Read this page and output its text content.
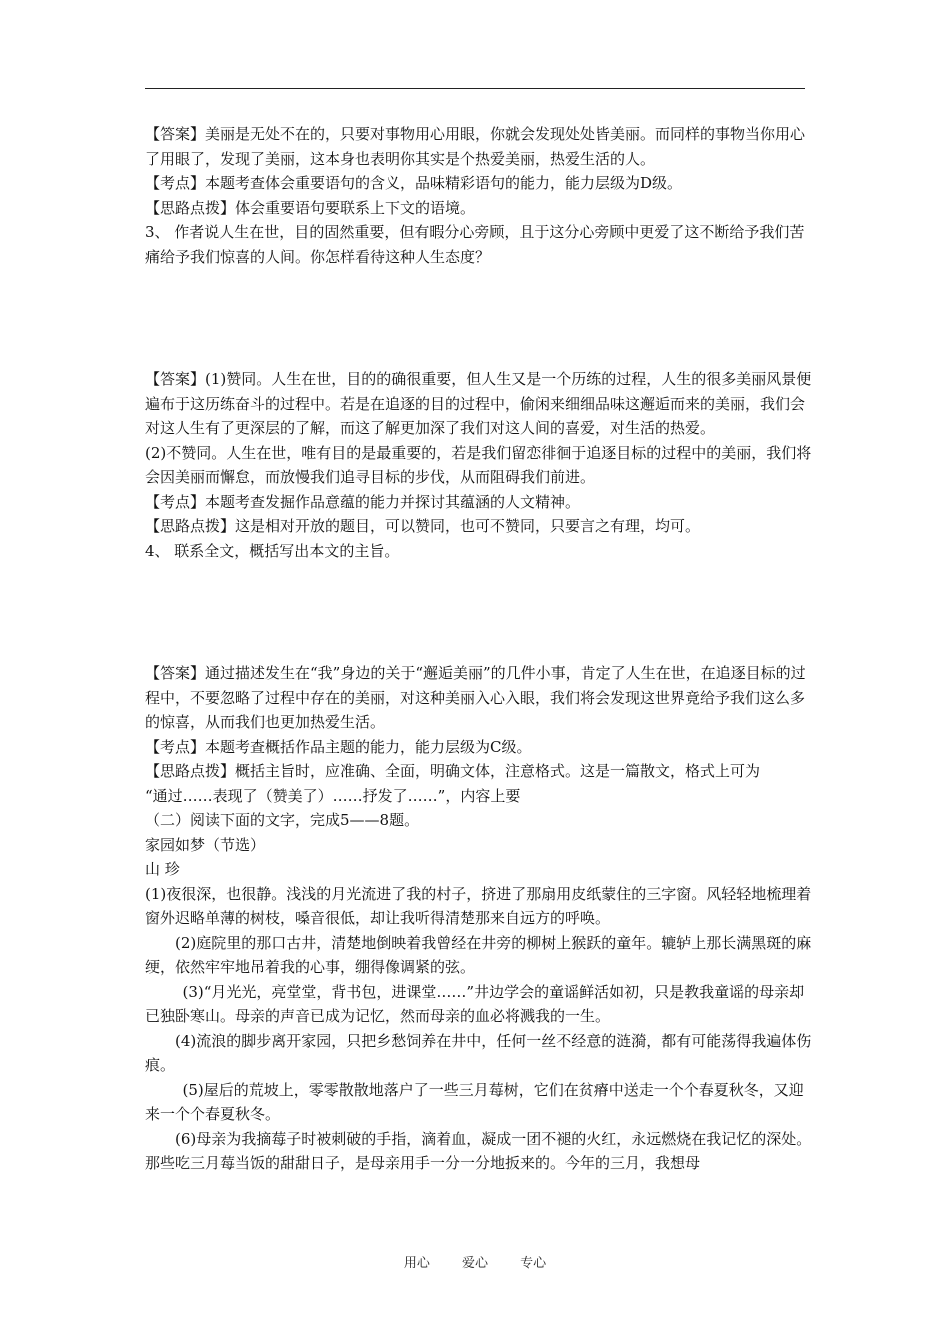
【答案】美丽是无处不在的，只要对事物用心用眼，你就会发现处处皆美丽。而同样的事物当你用心了用眼了，发现了美丽，这本身也表明你其实是个热爱美丽，热爱生活的人。

【考点】本题考查体会重要语句的含义，品味精彩语句的能力，能力层级为D级。

【思路点拨】体会重要语句要联系上下文的语境。

3、 作者说人生在世，目的固然重要，但有暇分心旁顾，且于这分心旁顾中更爱了这不断给予我们苦痛给予我们惊喜的人间。你怎样看待这种人生态度？

【答案】(1)赞同。人生在世，目的的确很重要，但人生又是一个历练的过程，人生的很多美丽风景便遍布于这历练奋斗的过程中。若是在追逐的目的过程中，偷闲来细细品味这邂逅而来的美丽，我们会对这人生有了更深层的了解，而这了解更加深了我们对这人间的喜爱，对生活的热爱。

(2)不赞同。人生在世，唯有目的是最重要的，若是我们留恋徘徊于追逐目标的过程中的美丽，我们将会因美丽而懈怠，而放慢我们追寻目标的步伐，从而阻碍我们前进。

【考点】本题考查发掘作品意蕴的能力并探讨其蕴涵的人文精神。

【思路点拨】这是相对开放的题目，可以赞同，也可不赞同，只要言之有理，均可。

4、 联系全文，概括写出本文的主旨。

【答案】通过描述发生在“我”身边的关于“邂逅美丽”的几件小事，肯定了人生在世，在追逐目标的过程中，不要忽略了过程中存在的美丽，对这种美丽入心入眼，我们将会发现这世界竟给予我们这么多的惊喜，从而我们也更加热爱生活。

【考点】本题考查概括作品主题的能力，能力层级为C级。

【思路点拨】概括主旨时，应准确、全面，明确文体，注意格式。这是一篇散文，格式上可为

“通过……表现了（赞美了）……抒发了……”，内容上要

（二）阅读下面的文字，完成5——8题。

家园如梦（节选）

山 珍

(1)夜很深，也很静。浅浅的月光流进了我的村子，挤进了那扇用皮纸蒙住的三字窗。风轻轻地梳理着窗外迟略单薄的树枝，嗓音很低，却让我听得清楚那来自远方的呼唤。

(2)庭院里的那口古井，清楚地倒映着我曾经在井旁的柳树上猴跃的童年。辘轳上那长满黑斑的麻绠，依然牢牢地吊着我的心事，绷得像调紧的弦。

(3)“月光光，亮堂堂，背书包，进课堂……”井边学会的童谣鲜活如初，只是教我童谣的母亲却已独卧寒山。母亲的声音已成为记忆，然而母亲的血必将溅我的一生。

(4)流浪的脚步离开家园，只把乡愁饲养在井中，任何一丝不经意的涟漪，都有可能荡得我遍体伤痕。

(5)屋后的荒坡上，零零散散地落户了一些三月莓树，它们在贫瘠中送走一个个春夏秋冬，又迎来一个个春夏秋冬。

(6)母亲为我摘莓子时被刺破的手指，滴着血，凝成一团不褪的火红，永远燃烧在我记忆的深处。那些吃三月莓当饭的甜甜日子，是母亲用手一分一分地扳来的。今年的三月，我想母

用心 爱心 专心
